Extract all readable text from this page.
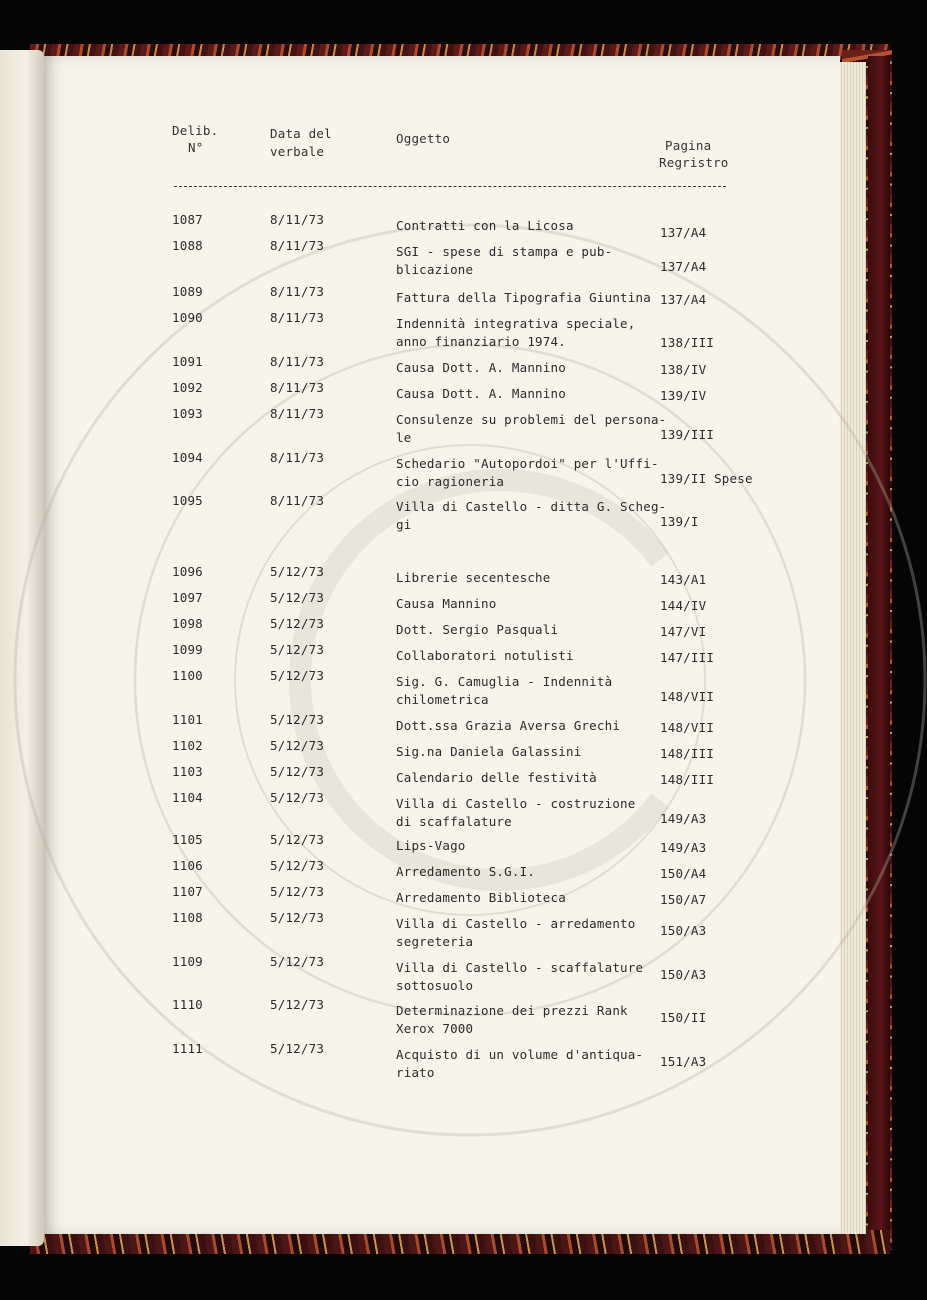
Delib.
N°
Data del
verbale
Oggetto	Pagina
Regristro
1087	8/11/73	Contratti con la Licosa	137/A4
1088	8/11/73	SGI - spese di stampa e pub-
blicazione	137/A4
1089	8/11/73	Fattura della Tipografia Giuntina 137/A4
1090	8/11/73	Indennità integrativa speciale,
anno finanziario 1974.	138/III
1091	8/11/73	Causa Dott. A. Mannino	138/IV
1092	8/11/73	Causa Dott. A. Mannino	139/IV
1093	8/11/73	Consulenze su problemi del persona-
le	139/III
1094	8/11/73	Schedario "Autopordoi" per l'Uffi-
cio ragioneria	139/II Spese
1095	8/11/73	Villa di Castello - ditta G. Scheg-
gi	139/I
1096	5/12/73	Librerie secentesche	143/A1
1097	5/12/73	Causa Mannino	144/IV
1098	5/12/73	Dott. Sergio Pasquali	147/VI
1099	5/12/73	Collaboratori notulisti	147/III
1100	5/12/73	Sig. G. Camuglia - Indennità
chilometrica	148/VII
1101	5/12/73	Dott.ssa Grazia Aversa Grechi	148/VII
1102	5/12/73	Sig.na Daniela Galassini	148/III
1103	5/12/73	Calendario delle festività	148/III
1104	5/12/73	Villa di Castello - costruzione
di scaffalature	149/A3
1105	5/12/73	Lips-Vago	149/A3
1106	5/12/73	Arredamento S.G.I.	150/A4
1107	5/12/73	Arredamento Biblioteca	150/A7
1108	5/12/73	Villa di Castello - arredamento
segreteria
150/A3
1109	5/12/73	Villa di Castello - scaffalature
sottosuolo
150/A3
1110	5/12/73	Determinazione dei prezzi Rank
Xerox 7000
150/II
1111	5/12/73	Acquisto di un volume d'antiqua-
riato
151/A3
